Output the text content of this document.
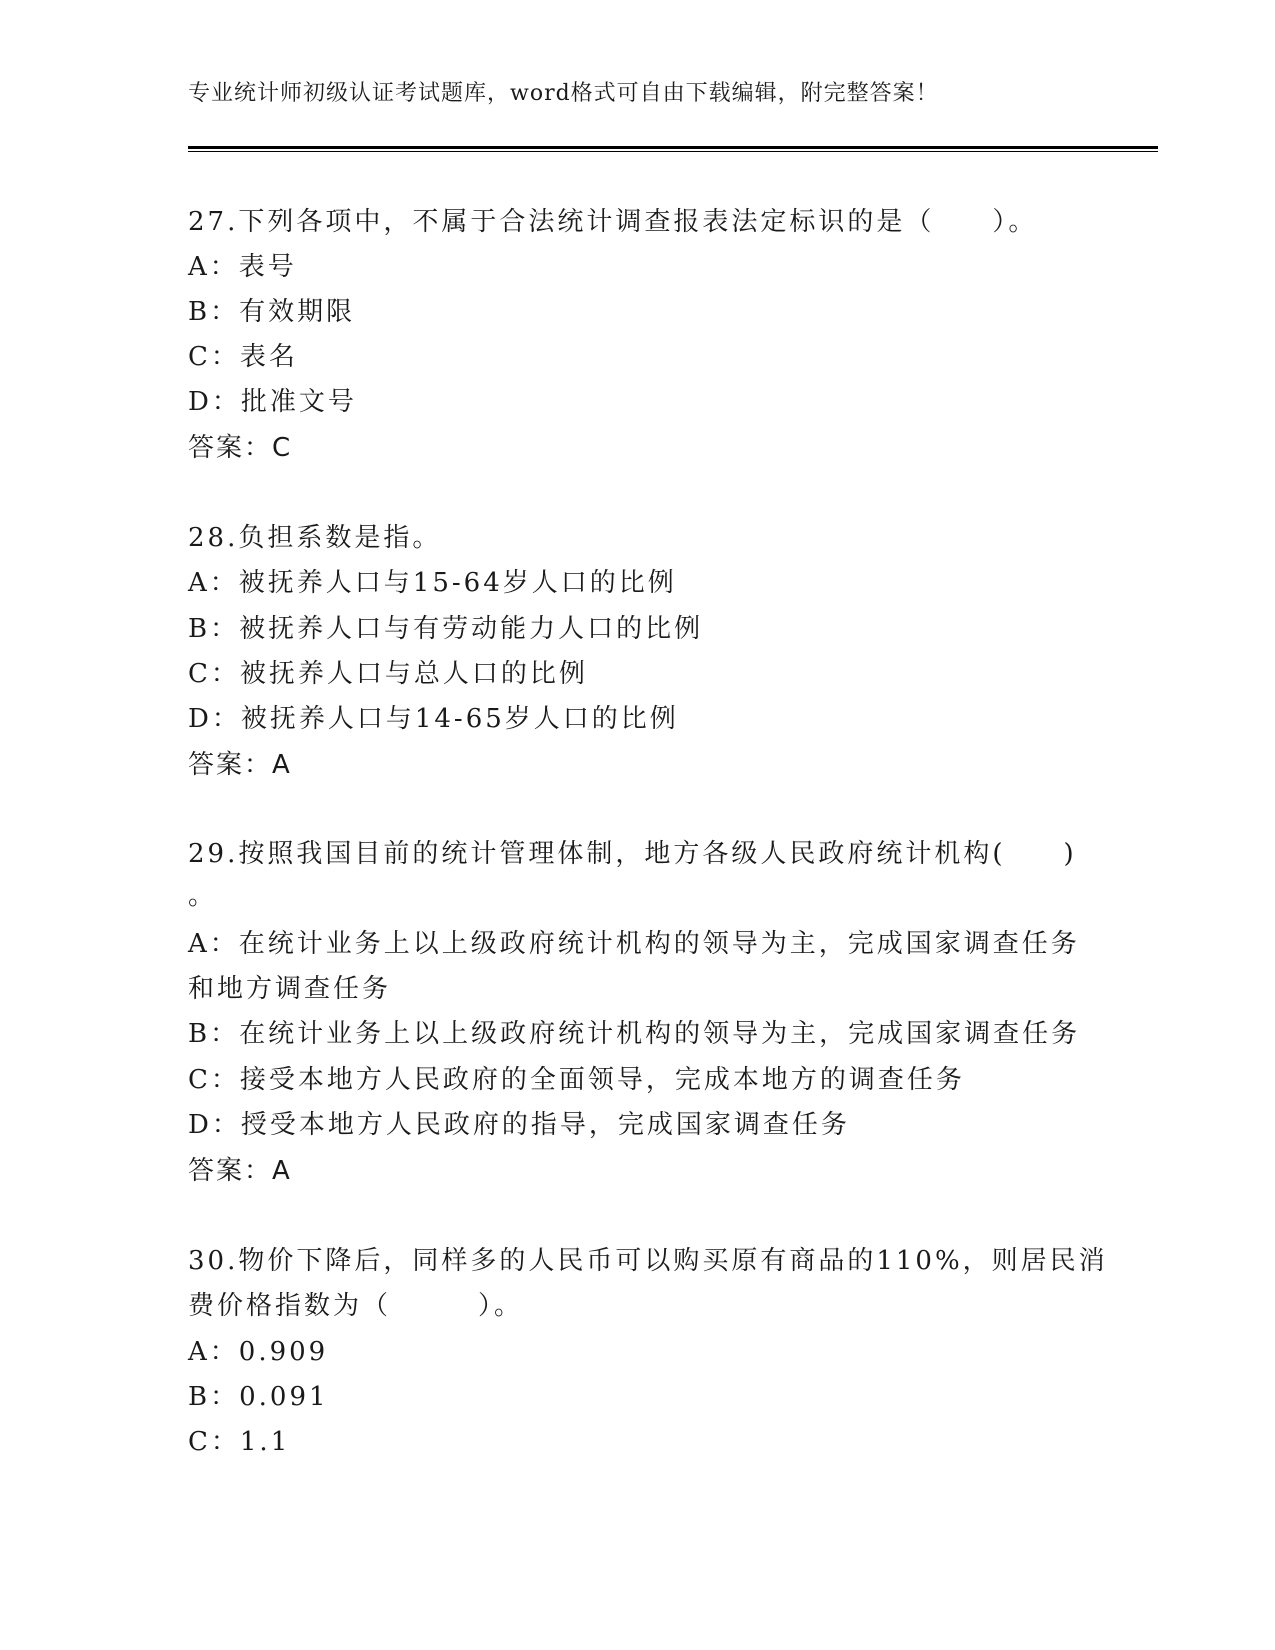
专业统计师初级认证考试题库，word格式可自由下载编辑，附完整答案！
27.下列各项中，不属于合法统计调查报表法定标识的是（　　）。
A：表号
B：有效期限
C：表名
D：批准文号
答案：C
28.负担系数是指。
A：被抚养人口与15-64岁人口的比例
B：被抚养人口与有劳动能力人口的比例
C：被抚养人口与总人口的比例
D：被抚养人口与14-65岁人口的比例
答案：A
29.按照我国目前的统计管理体制，地方各级人民政府统计机构(　　)
。
A：在统计业务上以上级政府统计机构的领导为主，完成国家调查任务
和地方调查任务
B：在统计业务上以上级政府统计机构的领导为主，完成国家调查任务
C：接受本地方人民政府的全面领导，完成本地方的调查任务
D：授受本地方人民政府的指导，完成国家调查任务
答案：A
30.物价下降后，同样多的人民币可以购买原有商品的110%，则居民消
费价格指数为（　　　）。
A：0.909
B：0.091
C：1.1
